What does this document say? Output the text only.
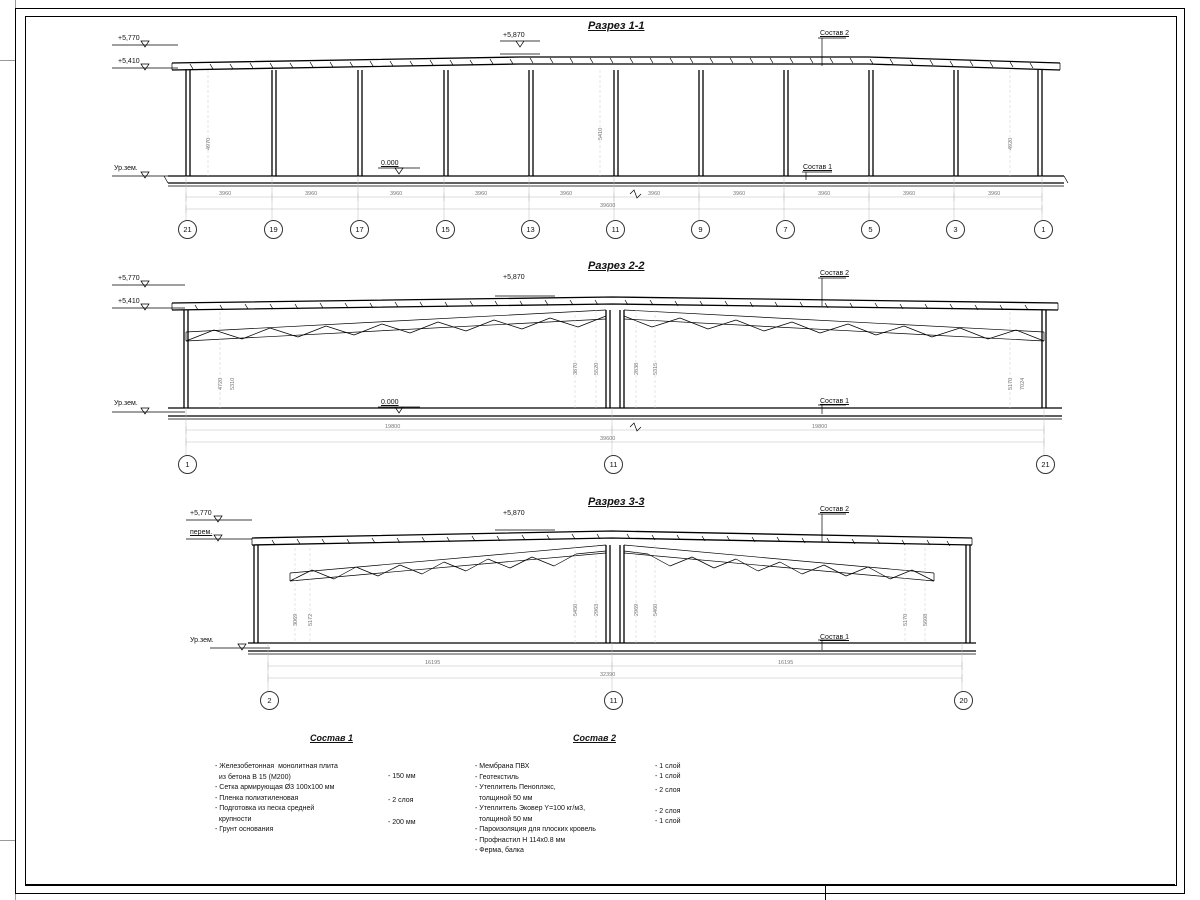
Разрез 1-1
+5,770
+5,410
+5,870
0.000
Ур.зем.
Состав 2
Состав 1
3960	3960	3960	3960	3960	3960	3960	3960	3960	3960
39600
4970
5410
4920
21	19	17	15	13	11	9	7	5	3	1
Разрез 2-2
+5,770
+5,410
+5,870
0.000
Ур.зем.
Состав 2
Состав 1
19800	19800
39600
4720 5310
3870	5520	2838 5315
5170 7024
1	11	21
Разрез 3-3
+5,770
перем.
+5,870
Ур.зем.
Состав 2
Состав 1
16195	16195
32390
3069 5172
5450	2963	2969 5460
5170	5608
2	11	20
Состав 1	Состав 2
- Железобетонная  монолитная плита
из бетона В 15 (М200)
- Сетка армирующая Ø3 100х100 мм
- Пленка полиэтиленовая
- Подготовка из песка средней
крупности
- Грунт основания
- 150 мм
- 2 слоя
- 200 мм
- Мембрана ПВХ
- Геотекстиль
- Утеплитель Пеноплэкс,
толщиной 50 мм
- Утеплитель Эковер Y=100 кг/м3,
толщиной 50 мм
- Пароизоляция для плоских кровель
- Профнастил Н 114х0.8 мм
- Ферма, балка
- 1 слой
- 1 слой
- 2 слоя
- 2 слоя
- 1 слой
